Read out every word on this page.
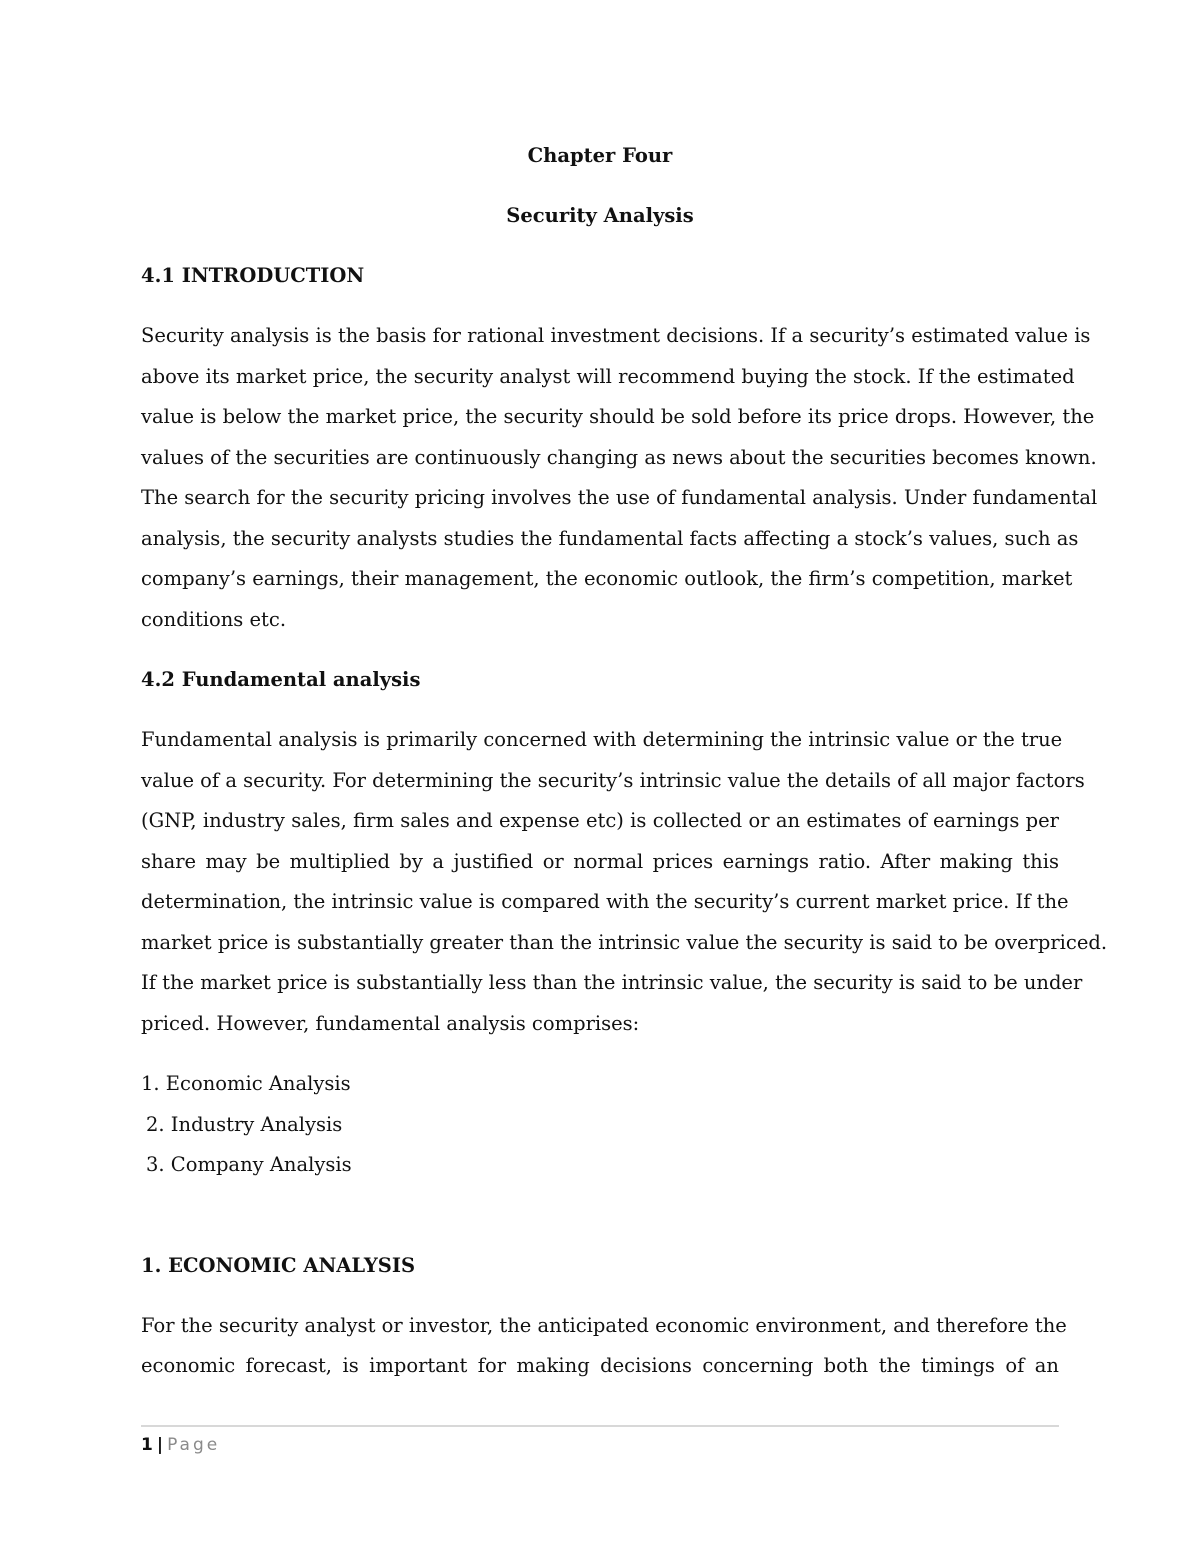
Chapter Four

Security Analysis

4.1 INTRODUCTION

Security analysis is the basis for rational investment decisions. If a security’s estimated value is
above its market price, the security analyst will recommend buying the stock. If the estimated
value is below the market price, the security should be sold before its price drops. However, the
values of the securities are continuously changing as news about the securities becomes known.
The search for the security pricing involves the use of fundamental analysis. Under fundamental
analysis, the security analysts studies the fundamental facts affecting a stock’s values, such as
company’s earnings, their management, the economic outlook, the firm’s competition, market
conditions etc.

4.2 Fundamental analysis

Fundamental analysis is primarily concerned with determining the intrinsic value or the true
value of a security. For determining the security’s intrinsic value the details of all major factors
(GNP, industry sales, firm sales and expense etc) is collected or an estimates of earnings per
share may be multiplied by a justified or normal prices earnings ratio. After making this
determination, the intrinsic value is compared with the security’s current market price. If the
market price is substantially greater than the intrinsic value the security is said to be overpriced.
If the market price is substantially less than the intrinsic value, the security is said to be under
priced. However, fundamental analysis comprises:

1. Economic Analysis

2. Industry Analysis

3. Company Analysis

1. ECONOMIC ANALYSIS

For the security analyst or investor, the anticipated economic environment, and therefore the
economic forecast, is important for making decisions concerning both the timings of an
1 | Page
